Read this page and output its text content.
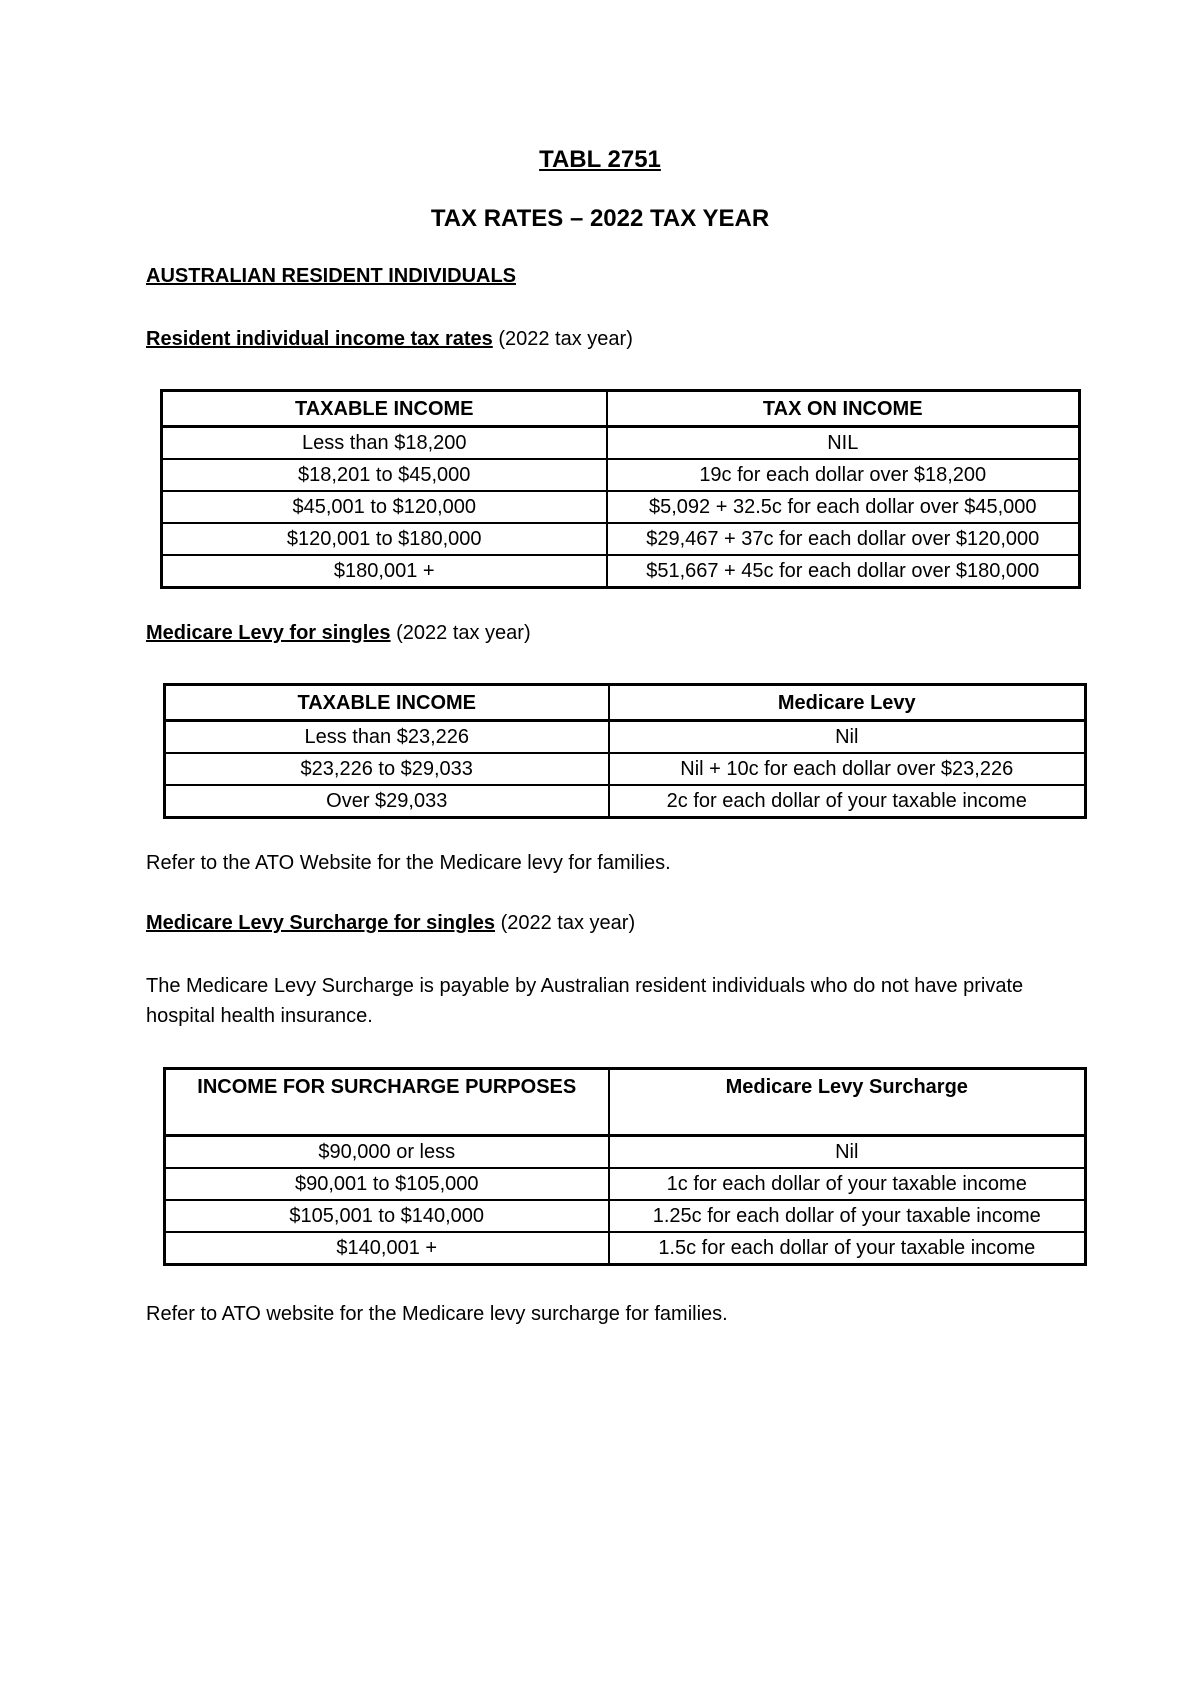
TABL 2751
TAX RATES – 2022 TAX YEAR

AUSTRALIAN RESIDENT INDIVIDUALS

Resident individual income tax rates (2022 tax year)

TAXABLE INCOME	TAX ON INCOME
Less than $18,200	NIL
$18,201 to $45,000	19c for each dollar over $18,200
$45,001 to $120,000	$5,092 + 32.5c for each dollar over $45,000
$120,001 to $180,000	$29,467 + 37c for each dollar over $120,000
$180,001 +	$51,667 + 45c for each dollar over $180,000

Medicare Levy for singles (2022 tax year)

TAXABLE INCOME	Medicare Levy
Less than $23,226	Nil
$23,226 to $29,033	Nil + 10c for each dollar over $23,226
Over $29,033	2c for each dollar of your taxable income

Refer to the ATO Website for the Medicare levy for families.

Medicare Levy Surcharge for singles (2022 tax year)

The Medicare Levy Surcharge is payable by Australian resident individuals who do not have private hospital health insurance.

INCOME FOR SURCHARGE PURPOSES	Medicare Levy Surcharge
$90,000 or less	Nil
$90,001 to $105,000	1c for each dollar of your taxable income
$105,001 to $140,000	1.25c for each dollar of your taxable income
$140,001 +	1.5c for each dollar of your taxable income

Refer to ATO website for the Medicare levy surcharge for families.
